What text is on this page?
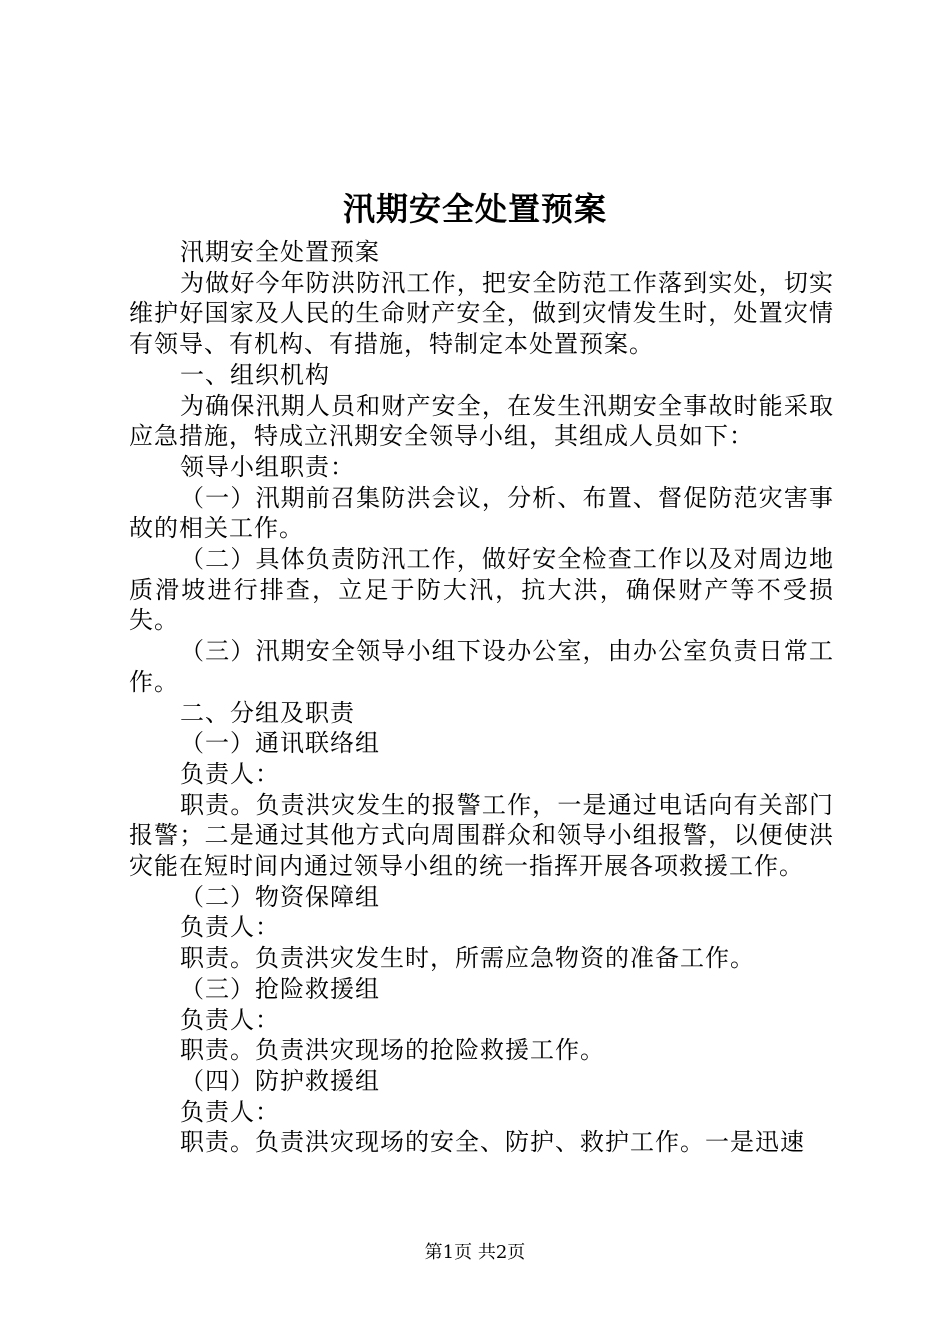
汛期安全处置预案

汛期安全处置预案

为做好今年防洪防汛工作，把安全防范工作落到实处，切实维护好国家及人民的生命财产安全，做到灾情发生时，处置灾情有领导、有机构、有措施，特制定本处置预案。

一、组织机构

为确保汛期人员和财产安全，在发生汛期安全事故时能采取应急措施，特成立汛期安全领导小组，其组成人员如下：

领导小组职责：

（一）汛期前召集防洪会议，分析、布置、督促防范灾害事故的相关工作。

（二）具体负责防汛工作，做好安全检查工作以及对周边地质滑坡进行排查，立足于防大汛，抗大洪，确保财产等不受损失。

（三）汛期安全领导小组下设办公室，由办公室负责日常工作。

二、分组及职责

（一）通讯联络组

负责人：

职责。负责洪灾发生的报警工作，一是通过电话向有关部门报警；二是通过其他方式向周围群众和领导小组报警，以便使洪灾能在短时间内通过领导小组的统一指挥开展各项救援工作。

（二）物资保障组

负责人：

职责。负责洪灾发生时，所需应急物资的准备工作。

（三）抢险救援组

负责人：

职责。负责洪灾现场的抢险救援工作。

（四）防护救援组

负责人：

职责。负责洪灾现场的安全、防护、救护工作。一是迅速

第1页 共2页
